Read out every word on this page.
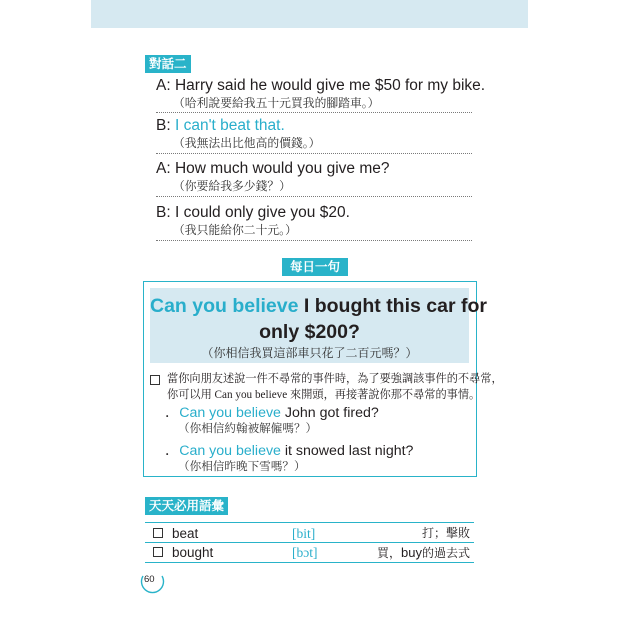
對話二
A: Harry said he would give me $50 for my bike.
（哈利說要給我五十元買我的腳踏車。）
B: I can't beat that.
（我無法出比他高的價錢。）
A: How much would you give me?
（你要給我多少錢？）
B: I could only give you $20.
（我只能給你二十元。）
每日一句
Can you believe I bought this car for
only $200?
（你相信我買這部車只花了二百元嗎？）
當你向朋友述說一件不尋常的事件時，為了要強調該事件的不尋常，
你可以用 Can you believe 來開頭，再接著說你那不尋常的事情。
．Can you believe John got fired?
（你相信約翰被解僱嗎？）
．Can you believe it snowed last night?
（你相信昨晚下雪嗎？）
天天必用語彙
beat	[bit]	打；擊敗
bought	[bɔt]	買，buy的過去式
60
